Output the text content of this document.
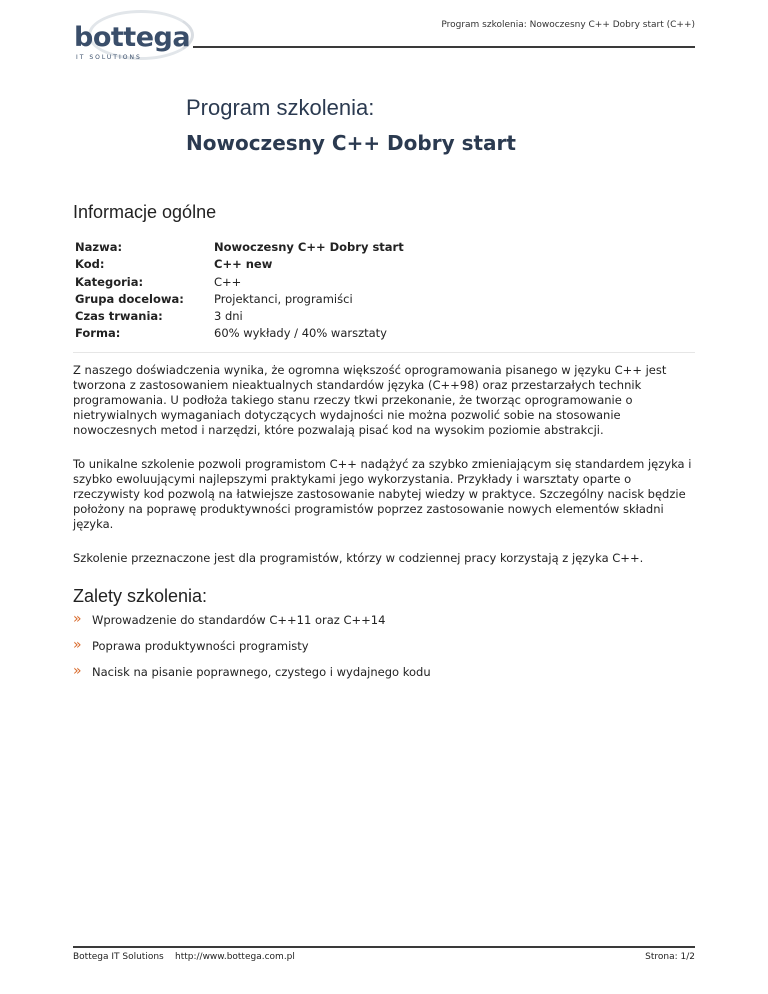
bottega
IT SOLUTIONS
Program szkolenia: Nowoczesny C++ Dobry start (C++)
Program szkolenia:
Nowoczesny C++ Dobry start
Informacje ogólne
Nazwa:	Nowoczesny C++ Dobry start
Kod:	C++ new
Kategoria:	C++
Grupa docelowa:	Projektanci, programiści
Czas trwania:	3 dni
Forma:	60% wykłady / 40% warsztaty

Z naszego doświadczenia wynika, że ogromna większość oprogramowania pisanego w języku C++ jest tworzona z zastosowaniem nieaktualnych standardów języka (C++98) oraz przestarzałych technik programowania. U podłoża takiego stanu rzeczy tkwi przekonanie, że tworząc oprogramowanie o nietrywialnych wymaganiach dotyczących wydajności nie można pozwolić sobie na stosowanie nowoczesnych metod i narzędzi, które pozwalają pisać kod na wysokim poziomie abstrakcji.

To unikalne szkolenie pozwoli programistom C++ nadążyć za szybko zmieniającym się standardem języka i szybko ewoluującymi najlepszymi praktykami jego wykorzystania. Przykłady i warsztaty oparte o rzeczywisty kod pozwolą na łatwiejsze zastosowanie nabytej wiedzy w praktyce. Szczególny nacisk będzie położony na poprawę produktywności programistów poprzez zastosowanie nowych elementów składni języka.

Szkolenie przeznaczone jest dla programistów, którzy w codziennej pracy korzystają z języka C++.

Zalety szkolenia:
» Wprowadzenie do standardów C++11 oraz C++14
» Poprawa produktywności programisty
» Nacisk na pisanie poprawnego, czystego i wydajnego kodu
Bottega IT Solutions http://www.bottega.com.pl	Strona: 1/2
